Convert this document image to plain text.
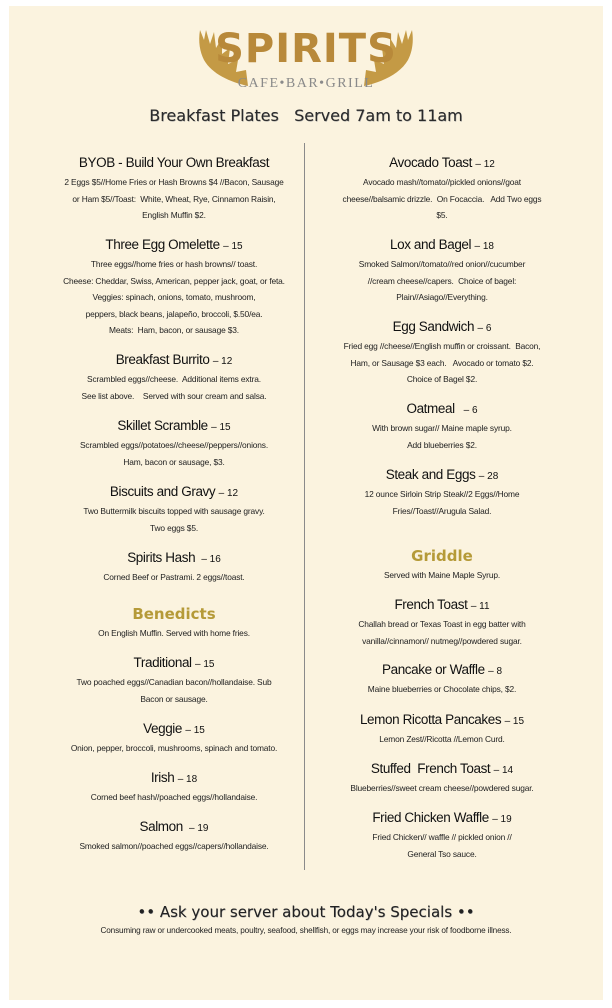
SPIRITS
CAFE•BAR•GRILL
Breakfast Plates   Served 7am to 11am
BYOB - Build Your Own Breakfast
2 Eggs $5//Home Fries or Hash Browns $4 //Bacon, Sausage
or Ham $5//Toast:  White, Wheat, Rye, Cinnamon Raisin,
English Muffin $2.
Three Egg Omelette – 15
Three eggs//home fries or hash browns// toast.
Cheese: Cheddar, Swiss, American, pepper jack, goat, or feta.
Veggies: spinach, onions, tomato, mushroom,
peppers, black beans, jalapeño, broccoli, $.50/ea.
Meats:  Ham, bacon, or sausage $3.
Breakfast Burrito – 12
Scrambled eggs//cheese.  Additional items extra.
See list above.    Served with sour cream and salsa.
Skillet Scramble – 15
Scrambled eggs//potatoes//cheese//peppers//onions.
Ham, bacon or sausage, $3.
Biscuits and Gravy – 12
Two Buttermilk biscuits topped with sausage gravy.
Two eggs $5.
Spirits Hash  – 16
Corned Beef or Pastrami. 2 eggs//toast.
Benedicts
On English Muffin. Served with home fries.
Traditional – 15
Two poached eggs//Canadian bacon//hollandaise. Sub
Bacon or sausage.
Veggie – 15
Onion, pepper, broccoli, mushrooms, spinach and tomato.
Irish – 18
Corned beef hash//poached eggs//hollandaise.
Salmon  – 19
Smoked salmon//poached eggs//capers//hollandaise.
Avocado Toast – 12
Avocado mash//tomato//pickled onions//goat
cheese//balsamic drizzle.  On Focaccia.   Add Two eggs
$5.
Lox and Bagel – 18
Smoked Salmon//tomato//red onion//cucumber
//cream cheese//capers.  Choice of bagel:
Plain//Asiago//Everything.
Egg Sandwich – 6
Fried egg //cheese//English muffin or croissant.  Bacon,
Ham, or Sausage $3 each.   Avocado or tomato $2.
Choice of Bagel $2.
Oatmeal   – 6
With brown sugar// Maine maple syrup.
Add blueberries $2.
Steak and Eggs – 28
12 ounce Sirloin Strip Steak//2 Eggs//Home
Fries//Toast//Arugula Salad.
Griddle
Served with Maine Maple Syrup.
French Toast – 11
Challah bread or Texas Toast in egg batter with
vanilla//cinnamon// nutmeg//powdered sugar.
Pancake or Waffle – 8
Maine blueberries or Chocolate chips, $2.
Lemon Ricotta Pancakes – 15
Lemon Zest//Ricotta //Lemon Curd.
Stuffed  French Toast – 14
Blueberries//sweet cream cheese//powdered sugar.
Fried Chicken Waffle – 19
Fried Chicken// waffle // pickled onion //
General Tso sauce.
•• Ask your server about Today's Specials ••
Consuming raw or undercooked meats, poultry, seafood, shellfish, or eggs may increase your risk of foodborne illness.
